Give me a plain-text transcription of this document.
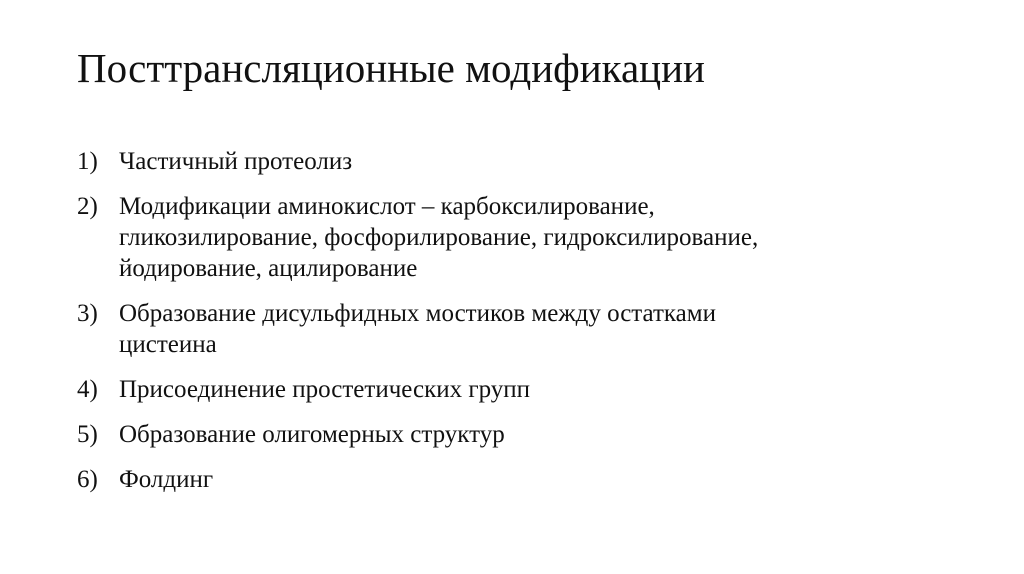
Посттрансляционные модификации
1) Частичный протеолиз
2) Модификации аминокислот – карбоксилирование,
гликозилирование, фосфорилирование, гидроксилирование,
йодирование, ацилирование
3) Образование дисульфидных мостиков между остатками
цистеина
4) Присоединение простетических групп
5) Образование олигомерных структур
6) Фолдинг
